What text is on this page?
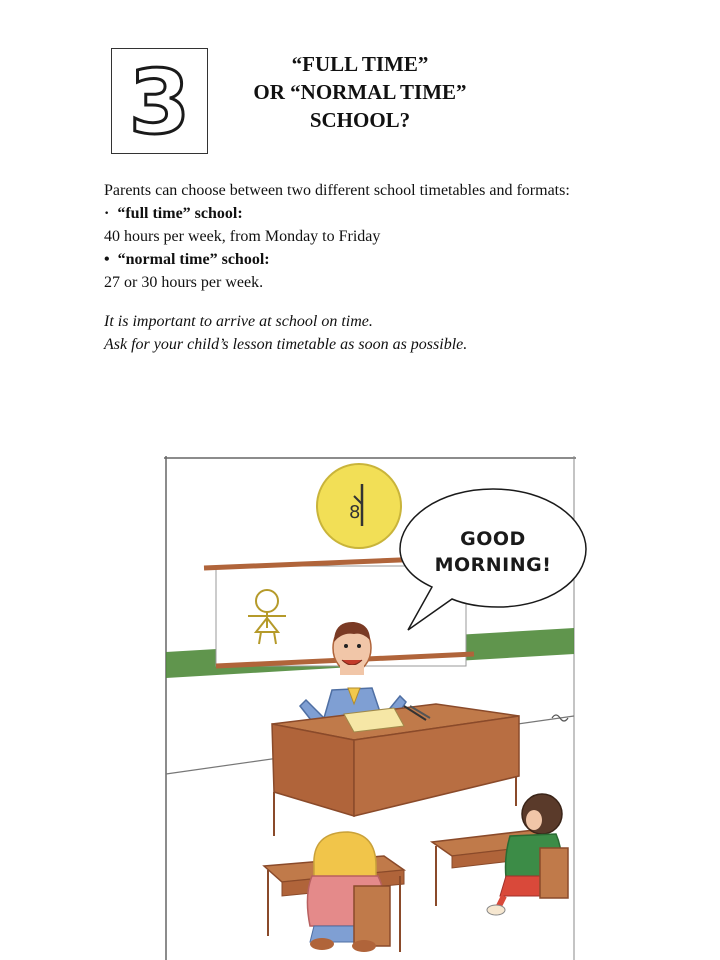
3	“FULL TIME”
OR “NORMAL TIME”
SCHOOL?

Parents can choose between two different school timetables and formats:

· “full time” school:

40 hours per week, from Monday to Friday

• “normal time” school:

27 or 30 hours per week.

It is important to arrive at school on time.

Ask for your child’s lesson timetable as soon as possible.

8
GOOD
MORNING!
